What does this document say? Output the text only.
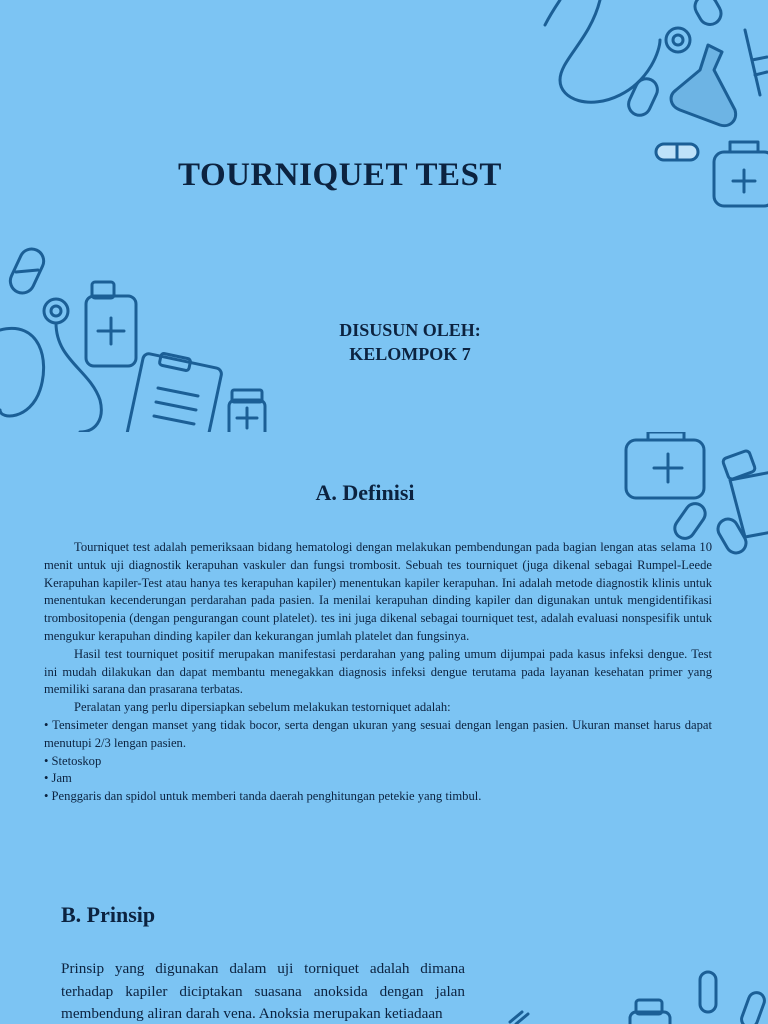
TOURNIQUET TEST
DISUSUN OLEH:
KELOMPOK 7
A. Definisi

Tourniquet test adalah pemeriksaan bidang hematologi dengan melakukan pembendungan pada bagian lengan atas selama 10 menit untuk uji diagnostik kerapuhan vaskuler dan fungsi trombosit. Sebuah tes tourniquet (juga dikenal sebagai Rumpel-Leede Kerapuhan kapiler-Test atau hanya tes kerapuhan kapiler) menentukan kapiler kerapuhan. Ini adalah metode diagnostik klinis untuk menentukan kecenderungan perdarahan pada pasien. Ia menilai kerapuhan dinding kapiler dan digunakan untuk mengidentifikasi trombositopenia (dengan pengurangan count platelet). tes ini juga dikenal sebagai tourniquet test, adalah evaluasi nonspesifik untuk mengukur kerapuhan dinding kapiler dan kekurangan jumlah platelet dan fungsinya.

Hasil test tourniquet positif merupakan manifestasi perdarahan yang paling umum dijumpai pada kasus infeksi dengue. Test ini mudah dilakukan dan dapat membantu menegakkan diagnosis infeksi dengue terutama pada layanan kesehatan primer yang memiliki sarana dan prasarana terbatas.

Peralatan yang perlu dipersiapkan sebelum melakukan testorniquet adalah:

• Tensimeter dengan manset yang tidak bocor, serta dengan ukuran yang sesuai dengan lengan pasien. Ukuran manset harus dapat menutupi 2/3 lengan pasien.

• Stetoskop

• Jam

• Penggaris dan spidol untuk memberi tanda daerah penghitungan petekie yang timbul.

B. Prinsip

Prinsip yang digunakan dalam uji torniquet adalah dimana terhadap kapiler diciptakan suasana anoksida dengan jalan membendung aliran darah vena. Anoksia merupakan ketiadaan
